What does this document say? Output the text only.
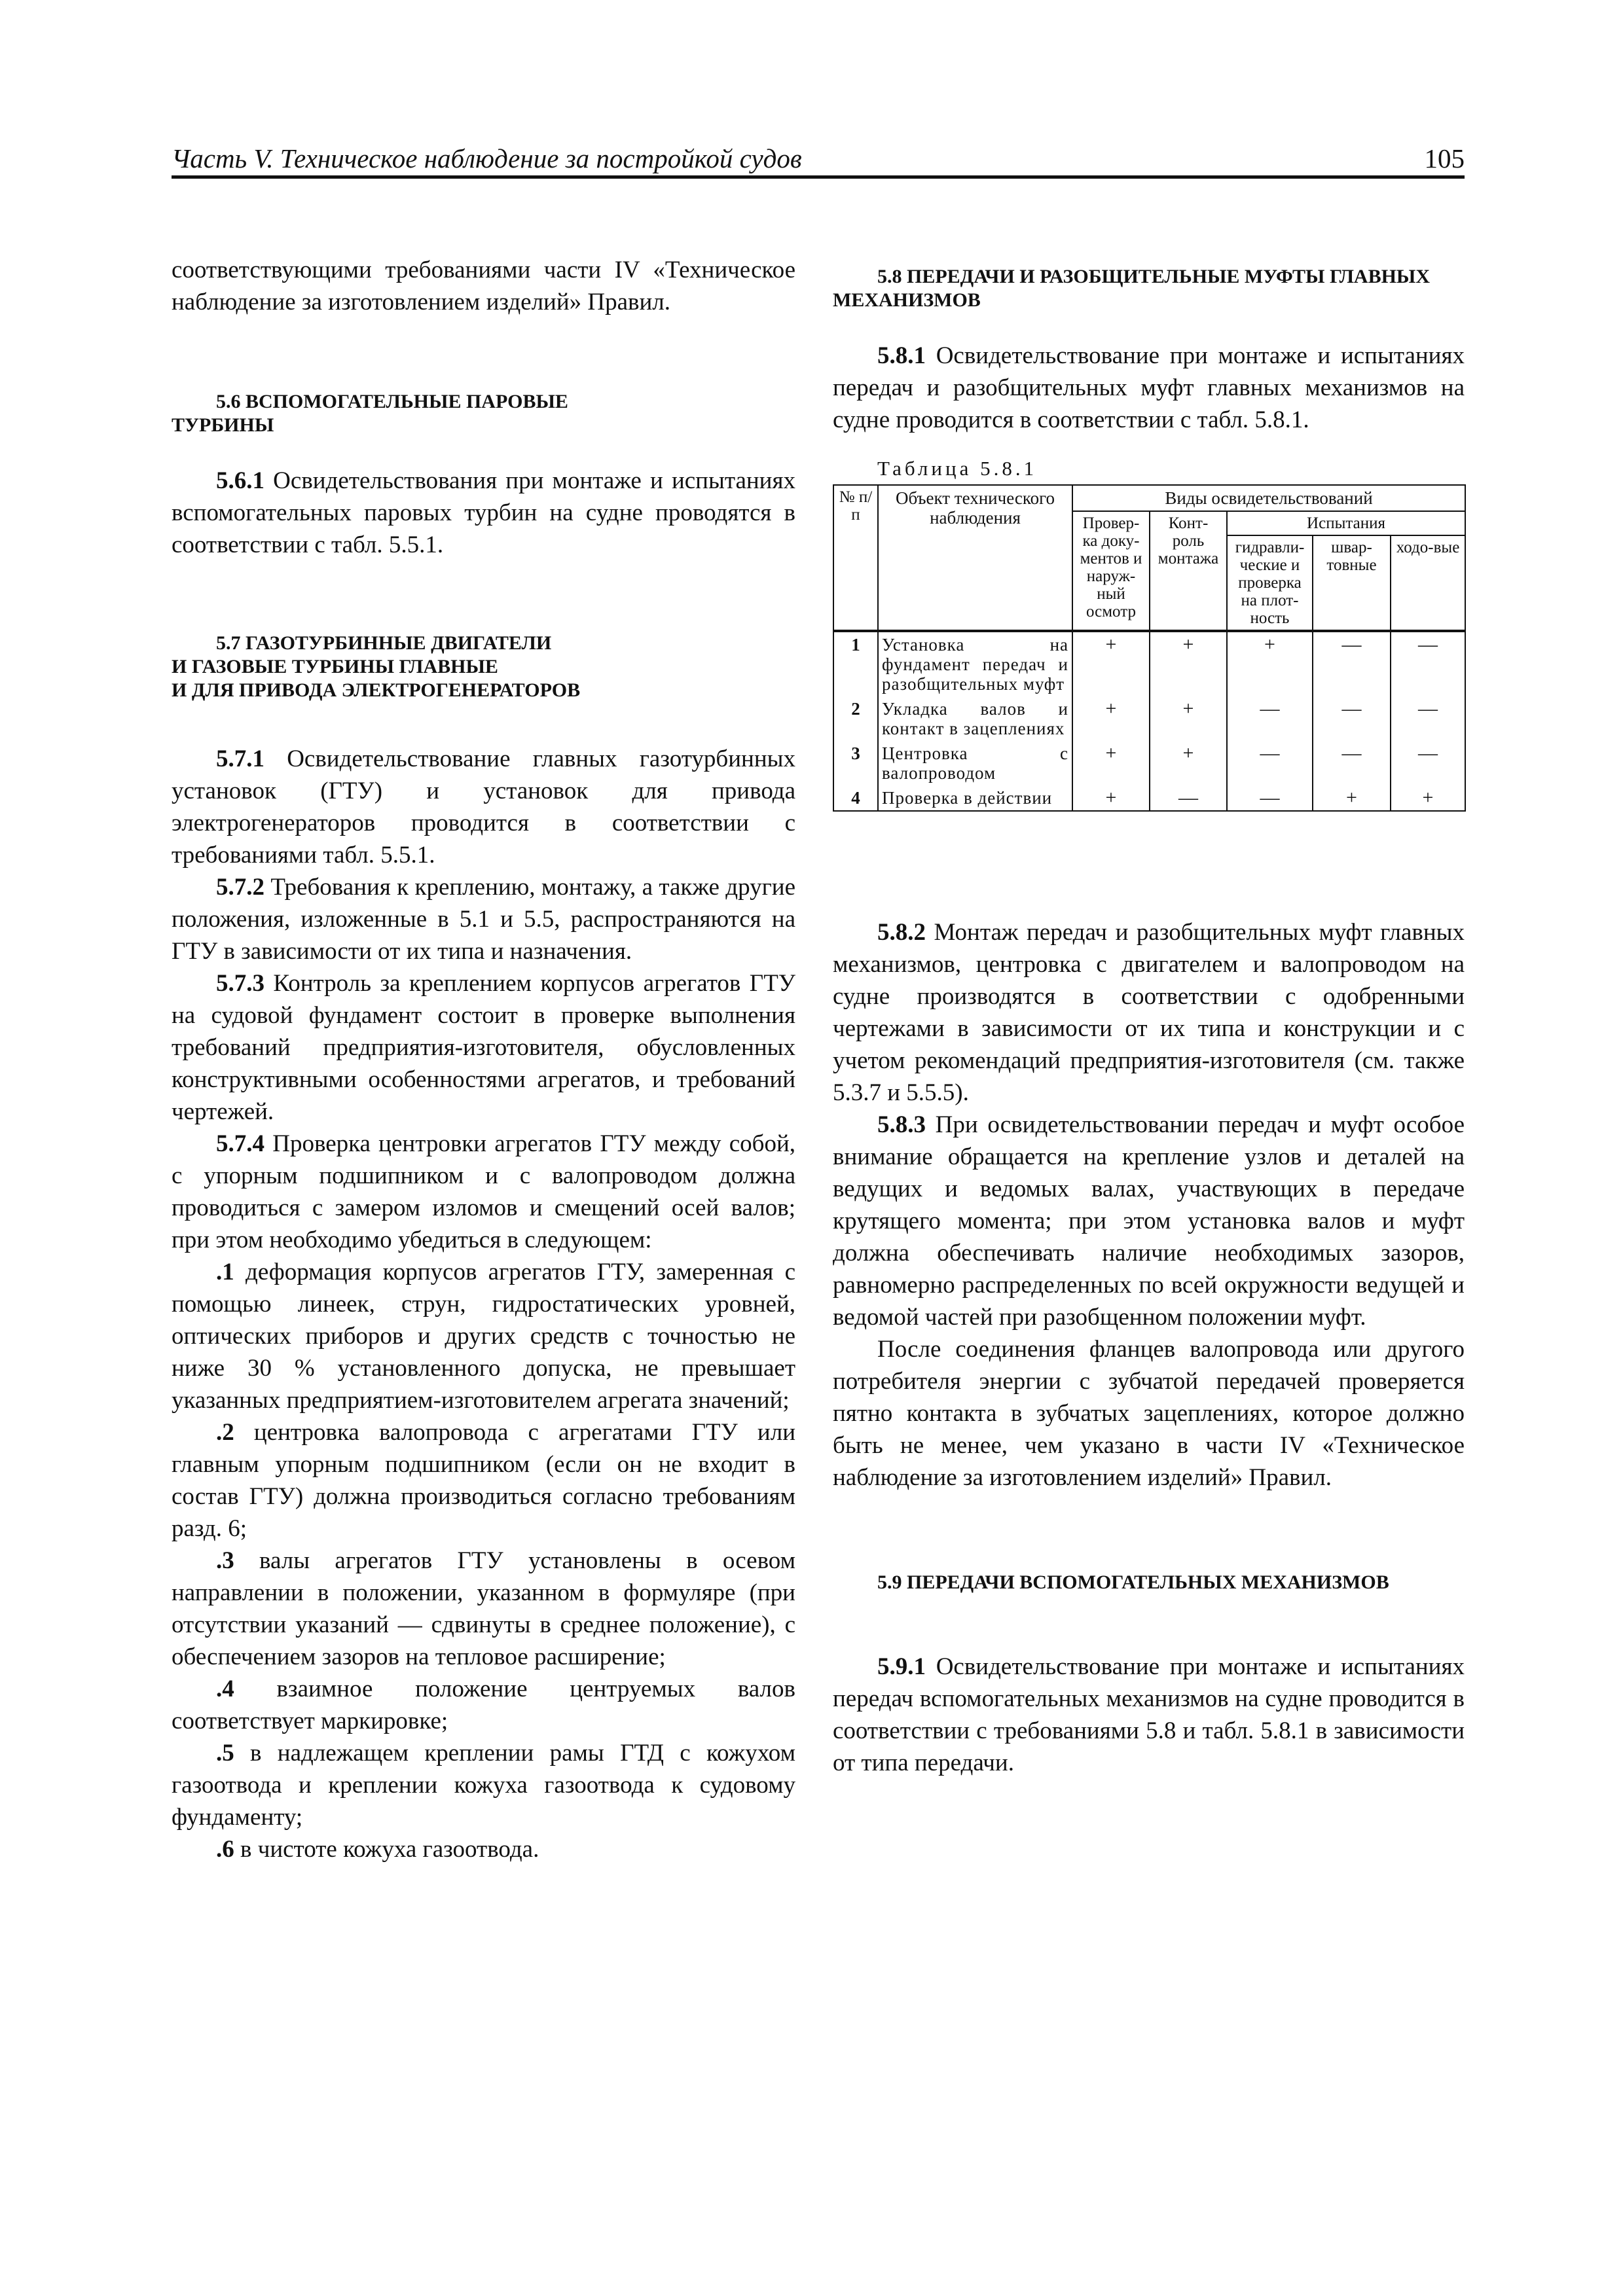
Часть V. Техническое наблюдение за постройкой судов	105

соответствующими требованиями части IV «Техническое наблюдение за изготовлением изделий» Правил.

5.6 ВСПОМОГАТЕЛЬНЫЕ ПАРОВЫЕ
ТУРБИНЫ

5.6.1 Освидетельствования при монтаже и испытаниях вспомогательных паровых турбин на судне проводятся в соответствии с табл. 5.5.1.

5.7 ГАЗОТУРБИННЫЕ ДВИГАТЕЛИ
И ГАЗОВЫЕ ТУРБИНЫ ГЛАВНЫЕ
И ДЛЯ ПРИВОДА ЭЛЕКТРОГЕНЕРАТОРОВ

5.7.1 Освидетельствование главных газотурбинных установок (ГТУ) и установок для привода электрогенераторов проводится в соответствии с требованиями табл. 5.5.1.

5.7.2 Требования к креплению, монтажу, а также другие положения, изложенные в 5.1 и 5.5, распространяются на ГТУ в зависимости от их типа и назначения.

5.7.3 Контроль за креплением корпусов агрегатов ГТУ на судовой фундамент состоит в проверке выполнения требований предприятия-изготовителя, обусловленных конструктивными особенностями агрегатов, и требований чертежей.

5.7.4 Проверка центровки агрегатов ГТУ между собой, с упорным подшипником и с валопроводом должна проводиться с замером изломов и смещений осей валов; при этом необходимо убедиться в следующем:

.1 деформация корпусов агрегатов ГТУ, замеренная с помощью линеек, струн, гидростатических уровней, оптических приборов и других средств с точностью не ниже 30 % установленного допуска, не превышает указанных предприятием-изготовителем агрегата значений;

.2 центровка валопровода с агрегатами ГТУ или главным упорным подшипником (если он не входит в состав ГТУ) должна производиться согласно требованиям разд. 6;

.3 валы агрегатов ГТУ установлены в осевом направлении в положении, указанном в формуляре (при отсутствии указаний — сдвинуты в среднее положение), с обеспечением зазоров на тепловое расширение;

.4 взаимное положение центруемых валов соответствует маркировке;

.5 в надлежащем креплении рамы ГТД с кожухом газоотвода и креплении кожуха газоотвода к судовому фундаменту;

.6 в чистоте кожуха газоотвода.

5.8 ПЕРЕДАЧИ И РАЗОБЩИТЕЛЬНЫЕ МУФТЫ ГЛАВНЫХ
МЕХАНИЗМОВ

5.8.1 Освидетельствование при монтаже и испытаниях передач и разобщительных муфт главных механизмов на судне проводится в соответствии с табл. 5.8.1.

Таблица 5.8.1

№ п/п	Объект технического наблюдения	Виды освидетельствований				
		Провер-ка доку-ментов и наруж-ный осмотр	Конт-роль монтажа	Испытания		
				гидравли-ческие и проверка на плот-ность	швар-товные	ходо-вые
1	Установка на фундамент передач и разобщительных муфт	+	+	+	—	—
2	Укладка валов и контакт в зацеплениях	+	+	—	—	—
3	Центровка с валопроводом	+	+	—	—	—
4	Проверка в действии	+	—	—	+	+

5.8.2 Монтаж передач и разобщительных муфт главных механизмов, центровка с двигателем и валопроводом на судне производятся в соответствии с одобренными чертежами в зависимости от их типа и конструкции и с учетом рекомендаций предприятия-изготовителя (см. также 5.3.7 и 5.5.5).

5.8.3 При освидетельствовании передач и муфт особое внимание обращается на крепление узлов и деталей на ведущих и ведомых валах, участвующих в передаче крутящего момента; при этом установка валов и муфт должна обеспечивать наличие необходимых зазоров, равномерно распределенных по всей окружности ведущей и ведомой частей при разобщенном положении муфт.

После соединения фланцев валопровода или другого потребителя энергии с зубчатой передачей проверяется пятно контакта в зубчатых зацеплениях, которое должно быть не менее, чем указано в части IV «Техническое наблюдение за изготовлением изделий» Правил.

5.9 ПЕРЕДАЧИ ВСПОМОГАТЕЛЬНЫХ МЕХАНИЗМОВ

5.9.1 Освидетельствование при монтаже и испытаниях передач вспомогательных механизмов на судне проводится в соответствии с требованиями 5.8 и табл. 5.8.1 в зависимости от типа передачи.
